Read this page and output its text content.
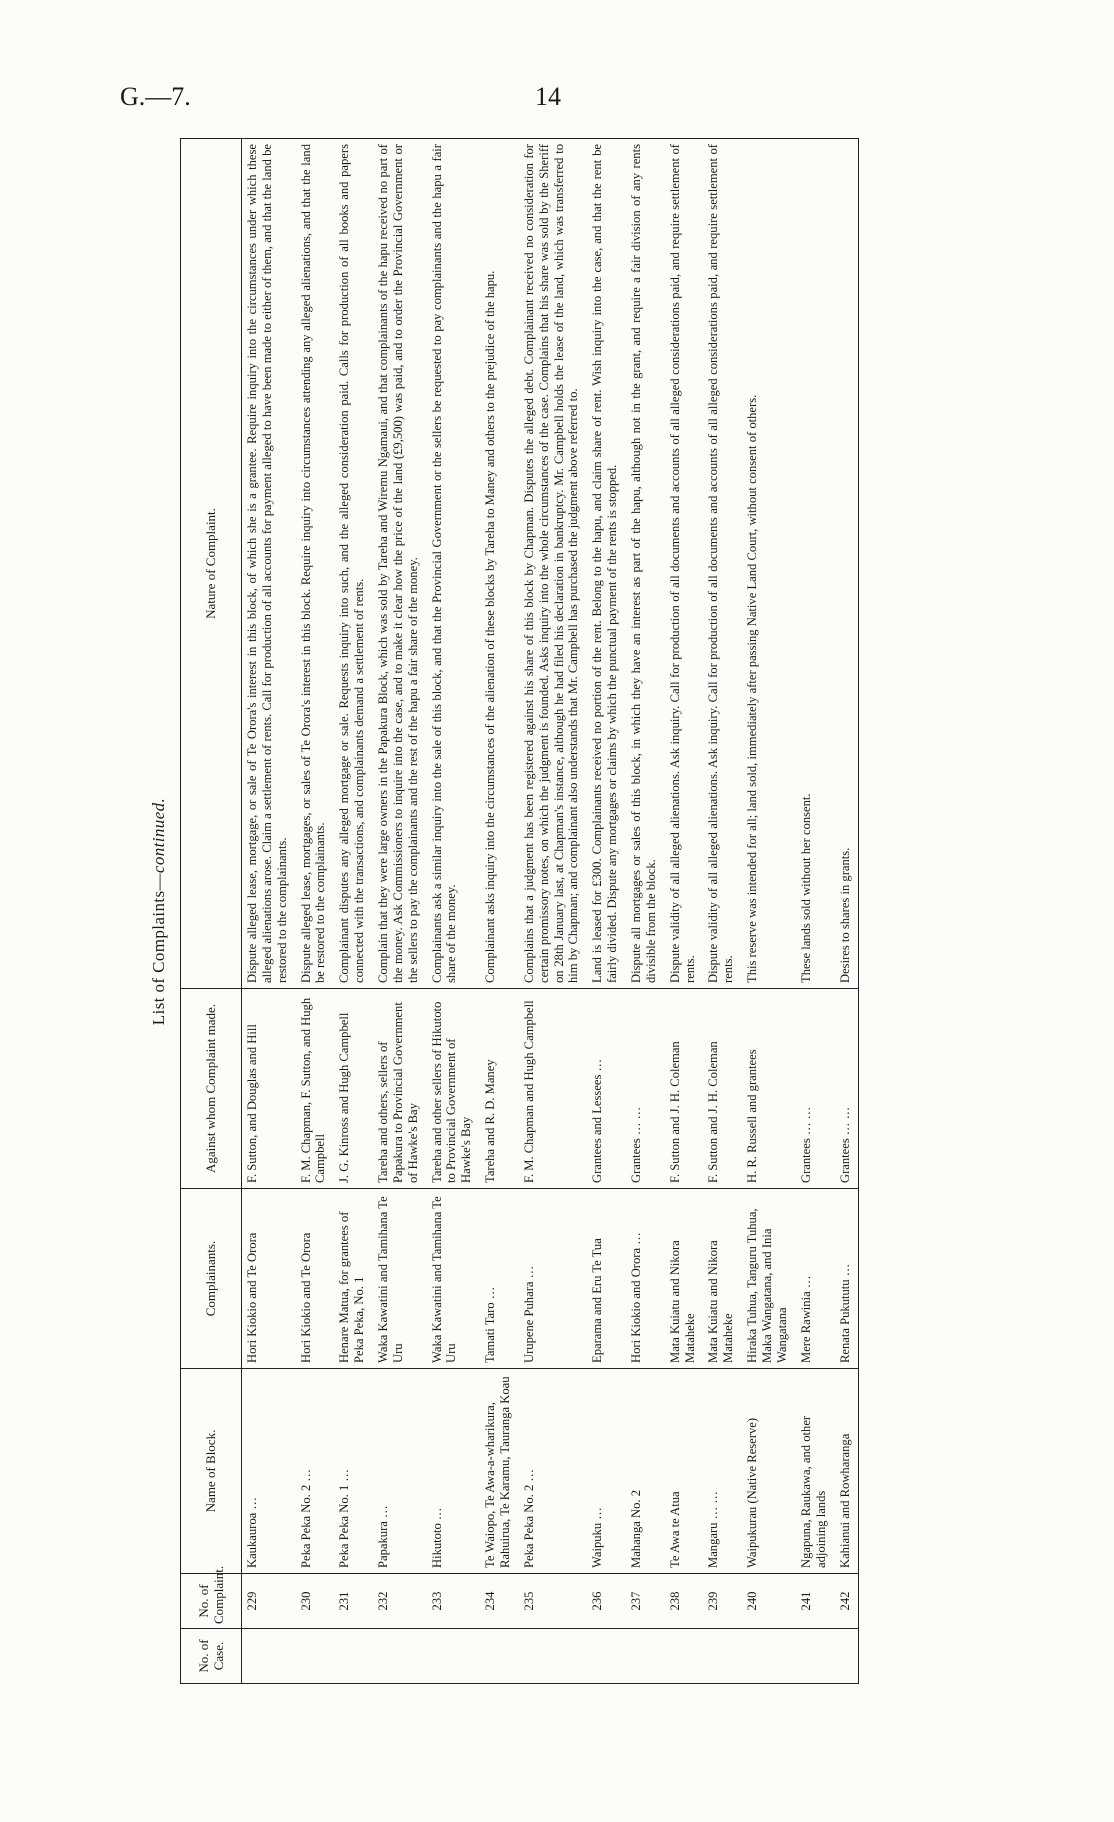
G.—7.	14
List of Complaints—continued.
No. of Case.	No. of Complaint.	Name of Block.	Complainants.	Against whom Complaint made.	Nature of Complaint.
	229	Kaukauroa …	Hori Kiokio and Te Orora	F. Sutton, and Douglas and Hill	Dispute alleged lease, mortgage, or sale of Te Orora's interest in this block, of which she is a grantee. Require inquiry into the circumstances under which these alleged alienations arose. Claim a settlement of rents. Call for production of all accounts for payment alleged to have been made to either of them, and that the land be restored to the complainants.
	230	Peka Peka No. 2 …	Hori Kiokio and Te Orora	F. M. Chapman, F. Sutton, and Hugh Campbell	Dispute alleged lease, mortgages, or sales of Te Orora's interest in this block. Require inquiry into circumstances attending any alleged alienations, and that the land be restored to the complainants.
	231	Peka Peka No. 1 …	Henare Matua, for grantees of Peka Peka, No. 1	J. G. Kinross and Hugh Campbell	Complainant disputes any alleged mortgage or sale. Requests inquiry into such, and the alleged consideration paid. Calls for production of all books and papers connected with the transactions, and complainants demand a settlement of rents.
	232	Papakura …	Waka Kawatini and Tamihana Te Uru	Tareha and others, sellers of Papakura to Provincial Government of Hawke's Bay	Complain that they were large owners in the Papakura Block, which was sold by Tareha and Wiremu Ngamaui, and that complainants of the hapu received no part of the money. Ask Commissioners to inquire into the case, and to make it clear how the price of the land (£9,500) was paid, and to order the Provincial Government or the sellers to pay the complainants and the rest of the hapu a fair share of the money.
	233	Hikutoto …	Waka Kawatini and Tamihana Te Uru	Tareha and other sellers of Hikutoto to Provincial Government of Hawke's Bay	Complainants ask a similar inquiry into the sale of this block, and that the Provincial Government or the sellers be requested to pay complainants and the hapu a fair share of the money.
	234	Te Waiopo, Te Awa-a-wharikura, Rahuirua, Te Karamu, Tauranga Koau	Tamati Taro …	Tareha and R. D. Maney	Complainant asks inquiry into the circumstances of the alienation of these blocks by Tareha to Maney and others to the prejudice of the hapu.
	235	Peka Peka No. 2 …	Urupene Puhara …	F. M. Chapman and Hugh Campbell	Complains that a judgment has been registered against his share of this block by Chapman. Disputes the alleged debt. Complainant received no consideration for certain promissory notes, on which the judgment is founded. Asks inquiry into the whole circumstances of the case. Complains that his share was sold by the Sheriff on 28th January last, at Chapman's instance, although he had filed his declaration in bankruptcy. Mr. Campbell holds the lease of the land, which was transferred to him by Chapman; and complainant also understands that Mr. Campbell has purchased the judgment above referred to.
	236	Waipuku …	Eparama and Eru Te Tua	Grantees and Lessees …	Land is leased for £300. Complainants received no portion of the rent. Belong to the hapu, and claim share of rent. Wish inquiry into the case, and that the rent be fairly divided. Dispute any mortgages or claims by which the punctual payment of the rents is stopped.
	237	Mahanga No. 2	Hori Kiokio and Orora …	Grantees … …	Dispute all mortgages or sales of this block, in which they have an interest as part of the hapu, although not in the grant, and require a fair division of any rents divisible from the block.
	238	Te Awa te Atua	Mata Kuiatu and Nikora Mataheke	F. Sutton and J. H. Coleman	Dispute validity of all alleged alienations. Ask inquiry. Call for production of all documents and accounts of all alleged considerations paid, and require settlement of rents.
	239	Mangaru … …	Mata Kuiatu and Nikora Mataheke	F. Sutton and J. H. Coleman	Dispute validity of all alleged alienations. Ask inquiry. Call for production of all documents and accounts of all alleged considerations paid, and require settlement of rents.
	240	Waipukurau (Native Reserve)	Hiraka Tuhua, Tanguru Tuhua, Maka Wangatana, and Inia Wangatana	H. R. Russell and grantees	This reserve was intended for all; land sold, immediately after passing Native Land Court, without consent of others.
	241	Ngapuna, Raukawa, and other adjoining lands	Mere Rawinia …	Grantees … …	These lands sold without her consent.
	242	Kahianui and Rowharanga	Renata Pukututu …	Grantees … …	Desires to shares in grants.
